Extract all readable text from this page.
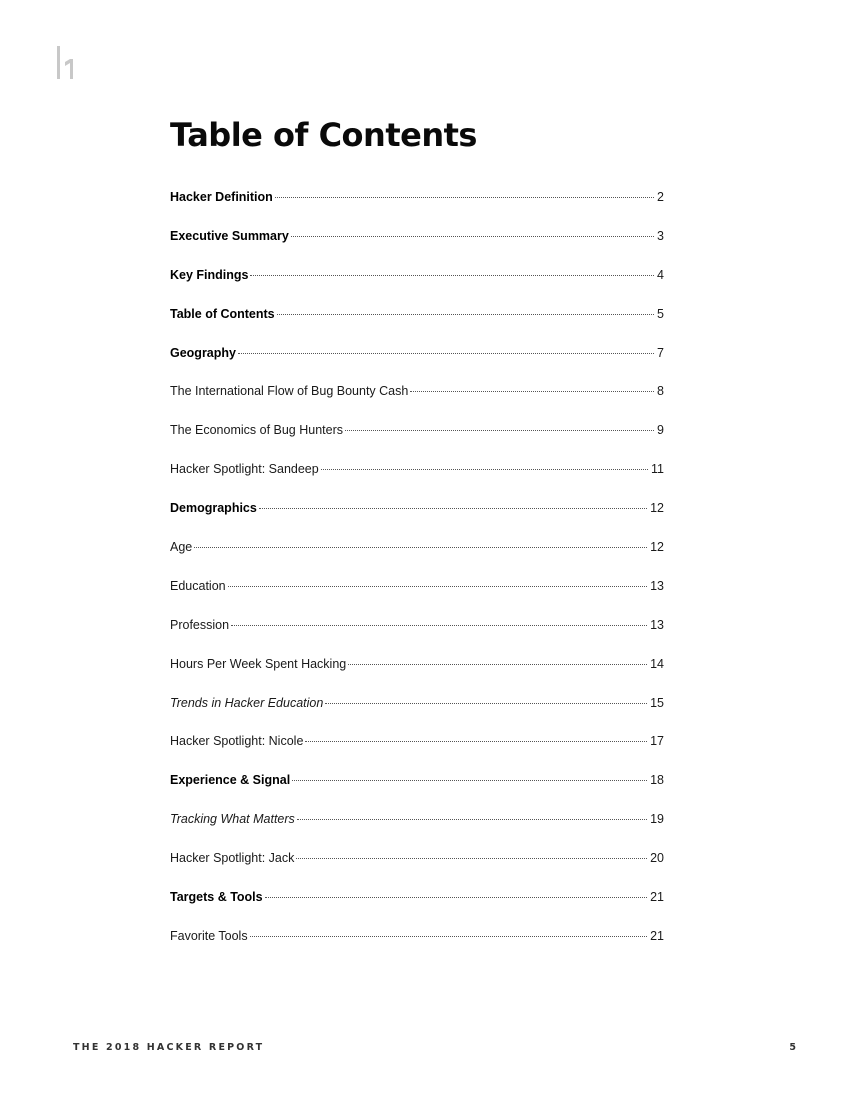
Table of Contents
Hacker Definition	2
Executive Summary	3
Key Findings	4
Table of Contents	5
Geography	7
The International Flow of Bug Bounty Cash	8
The Economics of Bug Hunters	9
Hacker Spotlight: Sandeep	11
Demographics	12
Age	12
Education	13
Profession	13
Hours Per Week Spent Hacking	14
Trends in Hacker Education	15
Hacker Spotlight: Nicole	17
Experience & Signal	18
Tracking What Matters	19
Hacker Spotlight: Jack	20
Targets & Tools	21
Favorite Tools	21
THE 2018 HACKER REPORT	5
